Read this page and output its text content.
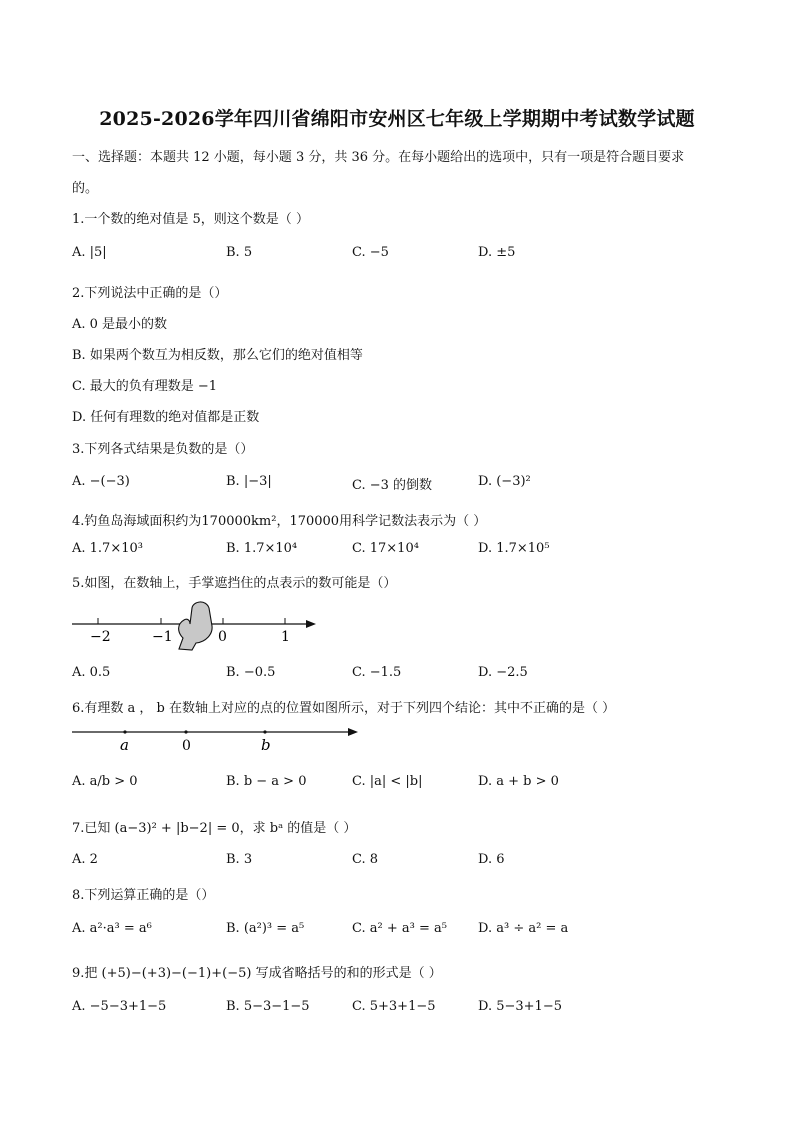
2025-2026学年四川省绵阳市安州区七年级上学期期中考试数学试题
一、选择题：本题共 12 小题，每小题 3 分，共 36 分。在每小题给出的选项中，只有一项是符合题目要求
的。
1.一个数的绝对值是 5，则这个数是（ ）
A. |5|	B. 5	C. −5	D. ±5
2.下列说法中正确的是（）
A. 0 是最小的数
B. 如果两个数互为相反数，那么它们的绝对值相等
C. 最大的负有理数是 −1
D. 任何有理数的绝对值都是正数
3.下列各式结果是负数的是（）
A. −(−3)	B. |−3|	C. −3 的倒数	D. (−3)²
4.钓鱼岛海域面积约为170000km²，170000用科学记数法表示为（ ）
A. 1.7×10³	B. 1.7×10⁴	C. 17×10⁴	D. 1.7×10⁵
5.如图，在数轴上，手掌遮挡住的点表示的数可能是（）
−2	−1	0	1
A. 0.5	B. −0.5	C. −1.5	D. −2.5
6.有理数 a ， b 在数轴上对应的点的位置如图所示，对于下列四个结论：其中不正确的是（ ）
a	0	b
A. a/b > 0	B. b − a > 0	C. |a| < |b|	D. a + b > 0
7.已知 (a−3)² + |b−2| = 0，求 bᵃ 的值是（ ）
A. 2	B. 3	C. 8	D. 6
8.下列运算正确的是（）
A. a²·a³ = a⁶	B. (a²)³ = a⁵	C. a² + a³ = a⁵ D. a³ ÷ a² = a
9.把 (+5)−(+3)−(−1)+(−5) 写成省略括号的和的形式是（ ）
A. −5−3+1−5	B. 5−3−1−5	C. 5+3+1−5	D. 5−3+1−5
